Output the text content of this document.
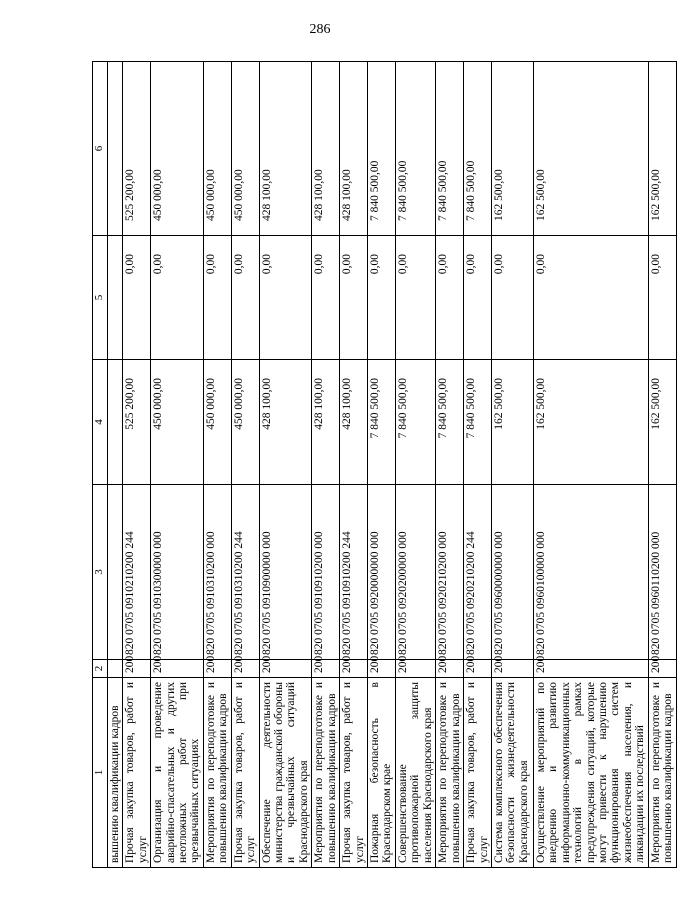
286
1	2	3	4	5	6
вышению квалификации кадров					
Прочая закупка товаров, работ и услуг	200	820 0705 0910210200 244	525 200,00	0,00	525 200,00
Организация и проведение аварийно-спасательных и других неотложных работ при чрезвычайных ситуациях	200	820 0705 0910300000 000	450 000,00	0,00	450 000,00
Мероприятия по переподготовке и повышению квалификации кадров	200	820 0705 0910310200 000	450 000,00	0,00	450 000,00
Прочая закупка товаров, работ и услуг	200	820 0705 0910310200 244	450 000,00	0,00	450 000,00
Обеспечение деятельности министерства гражданской обороны и чрезвычайных ситуаций Краснодарского края	200	820 0705 0910900000 000	428 100,00	0,00	428 100,00
Мероприятия по переподготовке и повышению квалификации кадров	200	820 0705 0910910200 000	428 100,00	0,00	428 100,00
Прочая закупка товаров, работ и услуг	200	820 0705 0910910200 244	428 100,00	0,00	428 100,00
Пожарная безопасность в Краснодарском крае	200	820 0705 0920000000 000	7 840 500,00	0,00	7 840 500,00
Совершенствование противопожарной защиты населения Краснодарского края	200	820 0705 0920200000 000	7 840 500,00	0,00	7 840 500,00
Мероприятия по переподготовке и повышению квалификации кадров	200	820 0705 0920210200 000	7 840 500,00	0,00	7 840 500,00
Прочая закупка товаров, работ и услуг	200	820 0705 0920210200 244	7 840 500,00	0,00	7 840 500,00
Система комплексного обеспечения безопасности жизнедеятельности Краснодарского края	200	820 0705 0960000000 000	162 500,00	0,00	162 500,00
Осуществление мероприятий по внедрению и развитию информационно-коммуникационных технологий в рамках предупреждения ситуаций, которые могут привести к нарушению функционирования систем жизнеобеспечения населения, и ликвидации их последствий	200	820 0705 0960100000 000	162 500,00	0,00	162 500,00
Мероприятия по переподготовке и повышению квалификации кадров	200	820 0705 0960110200 000	162 500,00	0,00	162 500,00
